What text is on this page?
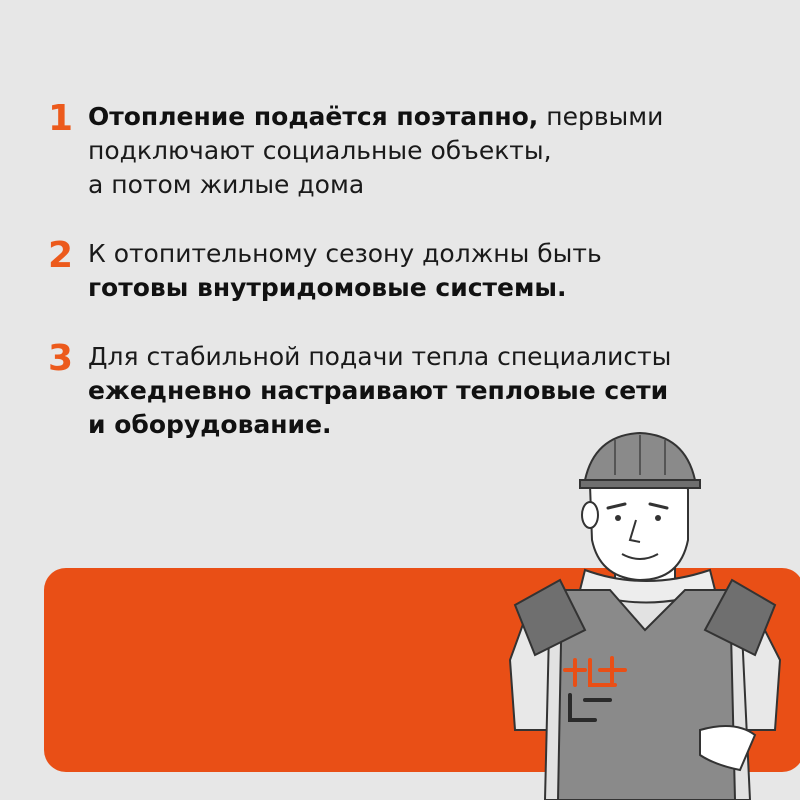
1 Отопление подаётся поэтапно, первыми
подключают социальные объекты,
а потом жилые дома
2 К отопительному сезону должны быть
готовы внутридомовые системы.
3 Для стабильной подачи тепла специалисты
ежедневно настраивают тепловые сети
и оборудование.
